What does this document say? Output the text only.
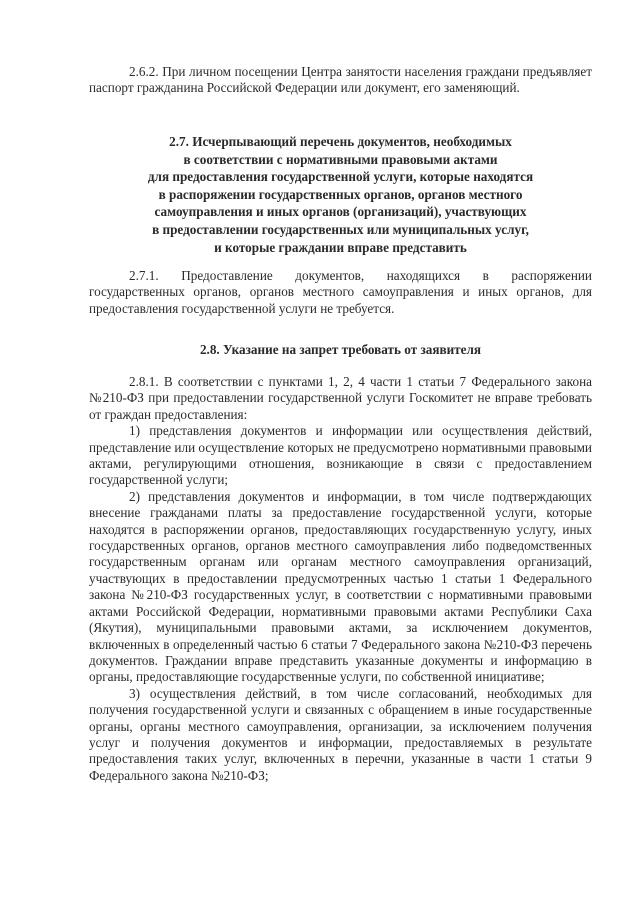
2.6.2. При личном посещении Центра занятости населения граждани предъявляет паспорт гражданина Российской Федерации или документ, его заменяющий.

2.7. Исчерпывающий перечень документов, необходимых
в соответствии с нормативными правовыми актами
для предоставления государственной услуги, которые находятся
в распоряжении государственных органов, органов местного
самоуправления и иных органов (организаций), участвующих
в предоставлении государственных или муниципальных услуг,
и которые граждании вправе представить

2.7.1. Предоставление документов, находящихся в распоряжении государственных органов, органов местного самоуправления и иных органов, для предоставления государственной услуги не требуется.

2.8. Указание на запрет требовать от заявителя

2.8.1. В соответствии с пунктами 1, 2, 4 части 1 статьи 7 Федерального закона №210-ФЗ при предоставлении государственной услуги Госкомитет не вправе требовать от граждан предоставления:

1) представления документов и информации или осуществления действий, представление или осуществление которых не предусмотрено нормативными правовыми актами, регулирующими отношения, возникающие в связи с предоставлением государственной услуги;

2) представления документов и информации, в том числе подтверждающих внесение гражданами платы за предоставление государственной услуги, которые находятся в распоряжении органов, предоставляющих государственную услугу, иных государственных органов, органов местного самоуправления либо подведомственных государственным органам или органам местного самоуправления организаций, участвующих в предоставлении предусмотренных частью 1 статьи 1 Федерального закона №210-ФЗ государственных услуг, в соответствии с нормативными правовыми актами Российской Федерации, нормативными правовыми актами Республики Саха (Якутия), муниципальными правовыми актами, за исключением документов, включенных в определенный частью 6 статьи 7 Федерального закона №210-ФЗ перечень документов. Граждании вправе представить указанные документы и информацию в органы, предоставляющие государственные услуги, по собственной инициативе;

3) осуществления действий, в том числе согласований, необходимых для получения государственной услуги и связанных с обращением в иные государственные органы, органы местного самоуправления, организации, за исключением получения услуг и получения документов и информации, предоставляемых в результате предоставления таких услуг, включенных в перечни, указанные в части 1 статьи 9 Федерального закона №210-ФЗ;
